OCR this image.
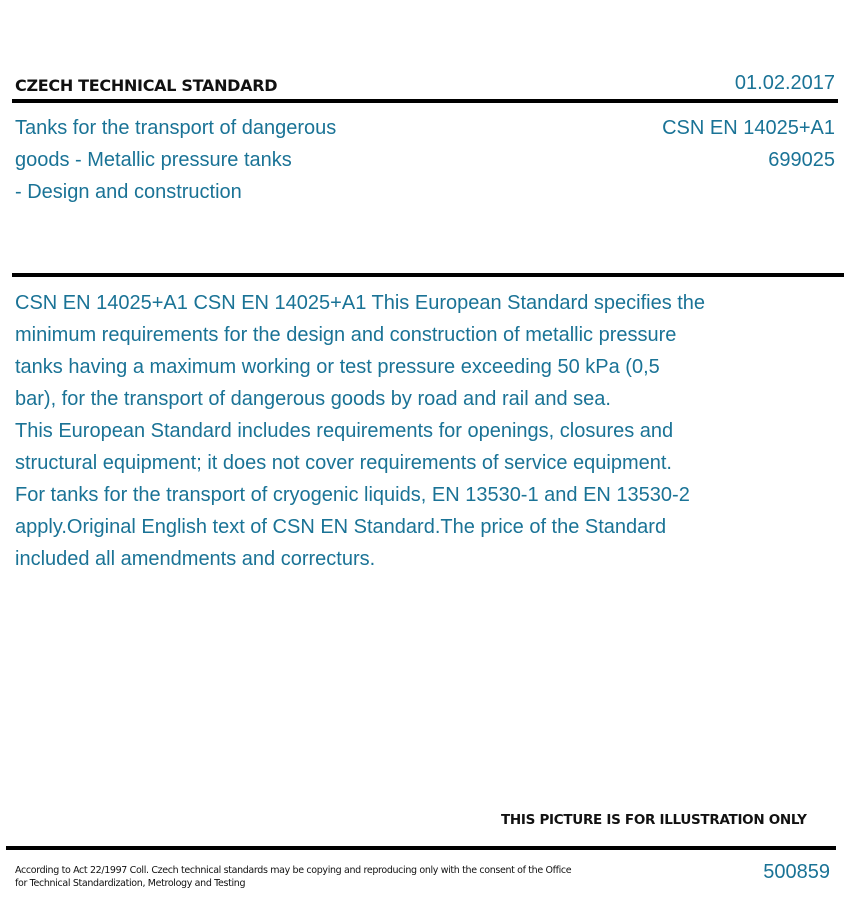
CZECH TECHNICAL STANDARD	01.02.2017
Tanks for the transport of dangerous
goods - Metallic pressure tanks
- Design and construction
CSN EN 14025+A1
699025
CSN EN 14025+A1 CSN EN 14025+A1 This European Standard specifies the
minimum requirements for the design and construction of metallic pressure
tanks having a maximum working or test pressure exceeding 50 kPa (0,5
bar), for the transport of dangerous goods by road and rail and sea.
This European Standard includes requirements for openings, closures and
structural equipment; it does not cover requirements of service equipment.
For tanks for the transport of cryogenic liquids, EN 13530-1 and EN 13530-2
apply.Original English text of CSN EN Standard.The price of the Standard
included all amendments and correcturs.
THIS PICTURE IS FOR ILLUSTRATION ONLY
According to Act 22/1997 Coll. Czech technical standards may be copying and reproducing only with the consent of the Office
for Technical Standardization, Metrology and Testing
500859
